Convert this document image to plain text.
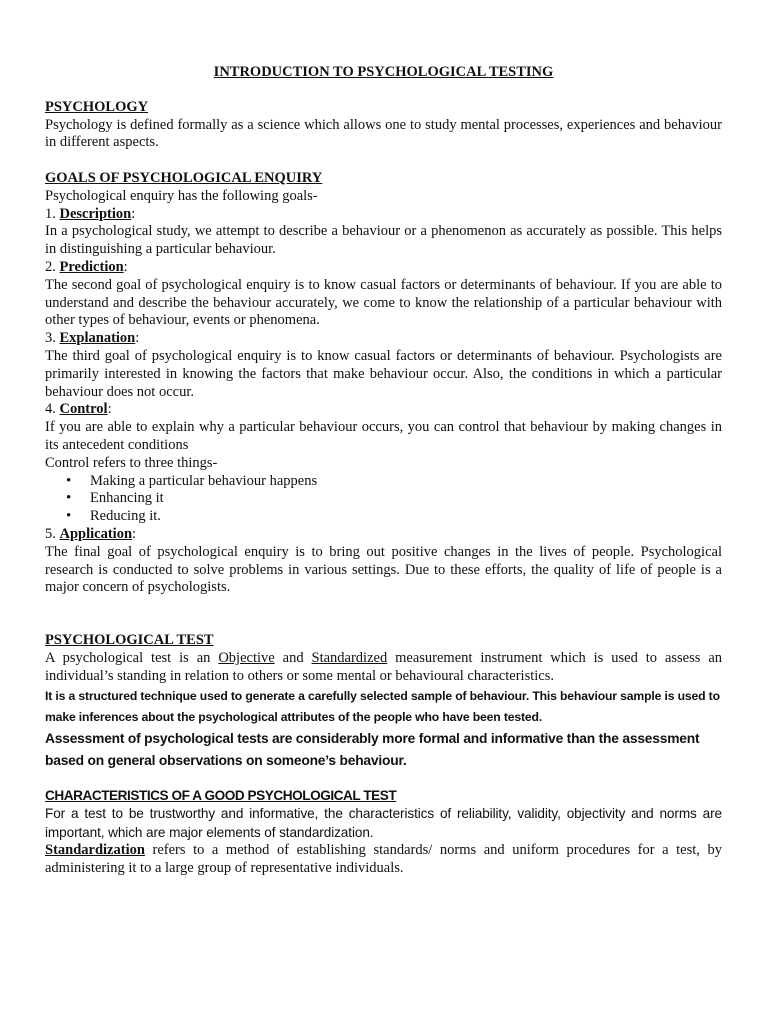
INTRODUCTION TO PSYCHOLOGICAL TESTING

PSYCHOLOGY

Psychology is defined formally as a science which allows one to study mental processes, experiences and behaviour in different aspects.

GOALS OF PSYCHOLOGICAL ENQUIRY

Psychological enquiry has the following goals-

1. Description:

In a psychological study, we attempt to describe a behaviour or a phenomenon as accurately as possible. This helps in distinguishing a particular behaviour.

2. Prediction:

The second goal of psychological enquiry is to know casual factors or determinants of behaviour. If you are able to understand and describe the behaviour accurately, we come to know the relationship of a particular behaviour with other types of behaviour, events or phenomena.

3. Explanation:

The third goal of psychological enquiry is to know casual factors or determinants of behaviour. Psychologists are primarily interested in knowing the factors that make behaviour occur. Also, the conditions in which a particular behaviour does not occur.

4. Control:

If you are able to explain why a particular behaviour occurs, you can control that behaviour by making changes in its antecedent conditions

Control refers to three things-

• Making a particular behaviour happens
• Enhancing it
• Reducing it.

5. Application:

The final goal of psychological enquiry is to bring out positive changes in the lives of people. Psychological research is conducted to solve problems in various settings. Due to these efforts, the quality of life of people is a major concern of psychologists.

PSYCHOLOGICAL TEST

A psychological test is an Objective and Standardized measurement instrument which is used to assess an individual’s standing in relation to others or some mental or behavioural characteristics.

It is a structured technique used to generate a carefully selected sample of behaviour. This behaviour sample is used to make inferences about the psychological attributes of the people who have been tested.

Assessment of psychological tests are considerably more formal and informative than the assessment based on general observations on someone’s behaviour.

CHARACTERISTICS OF A GOOD PSYCHOLOGICAL TEST

For a test to be trustworthy and informative, the characteristics of reliability, validity, objectivity and norms are important, which are major elements of standardization.

Standardization refers to a method of establishing standards/ norms and uniform procedures for a test, by administering it to a large group of representative individuals.
